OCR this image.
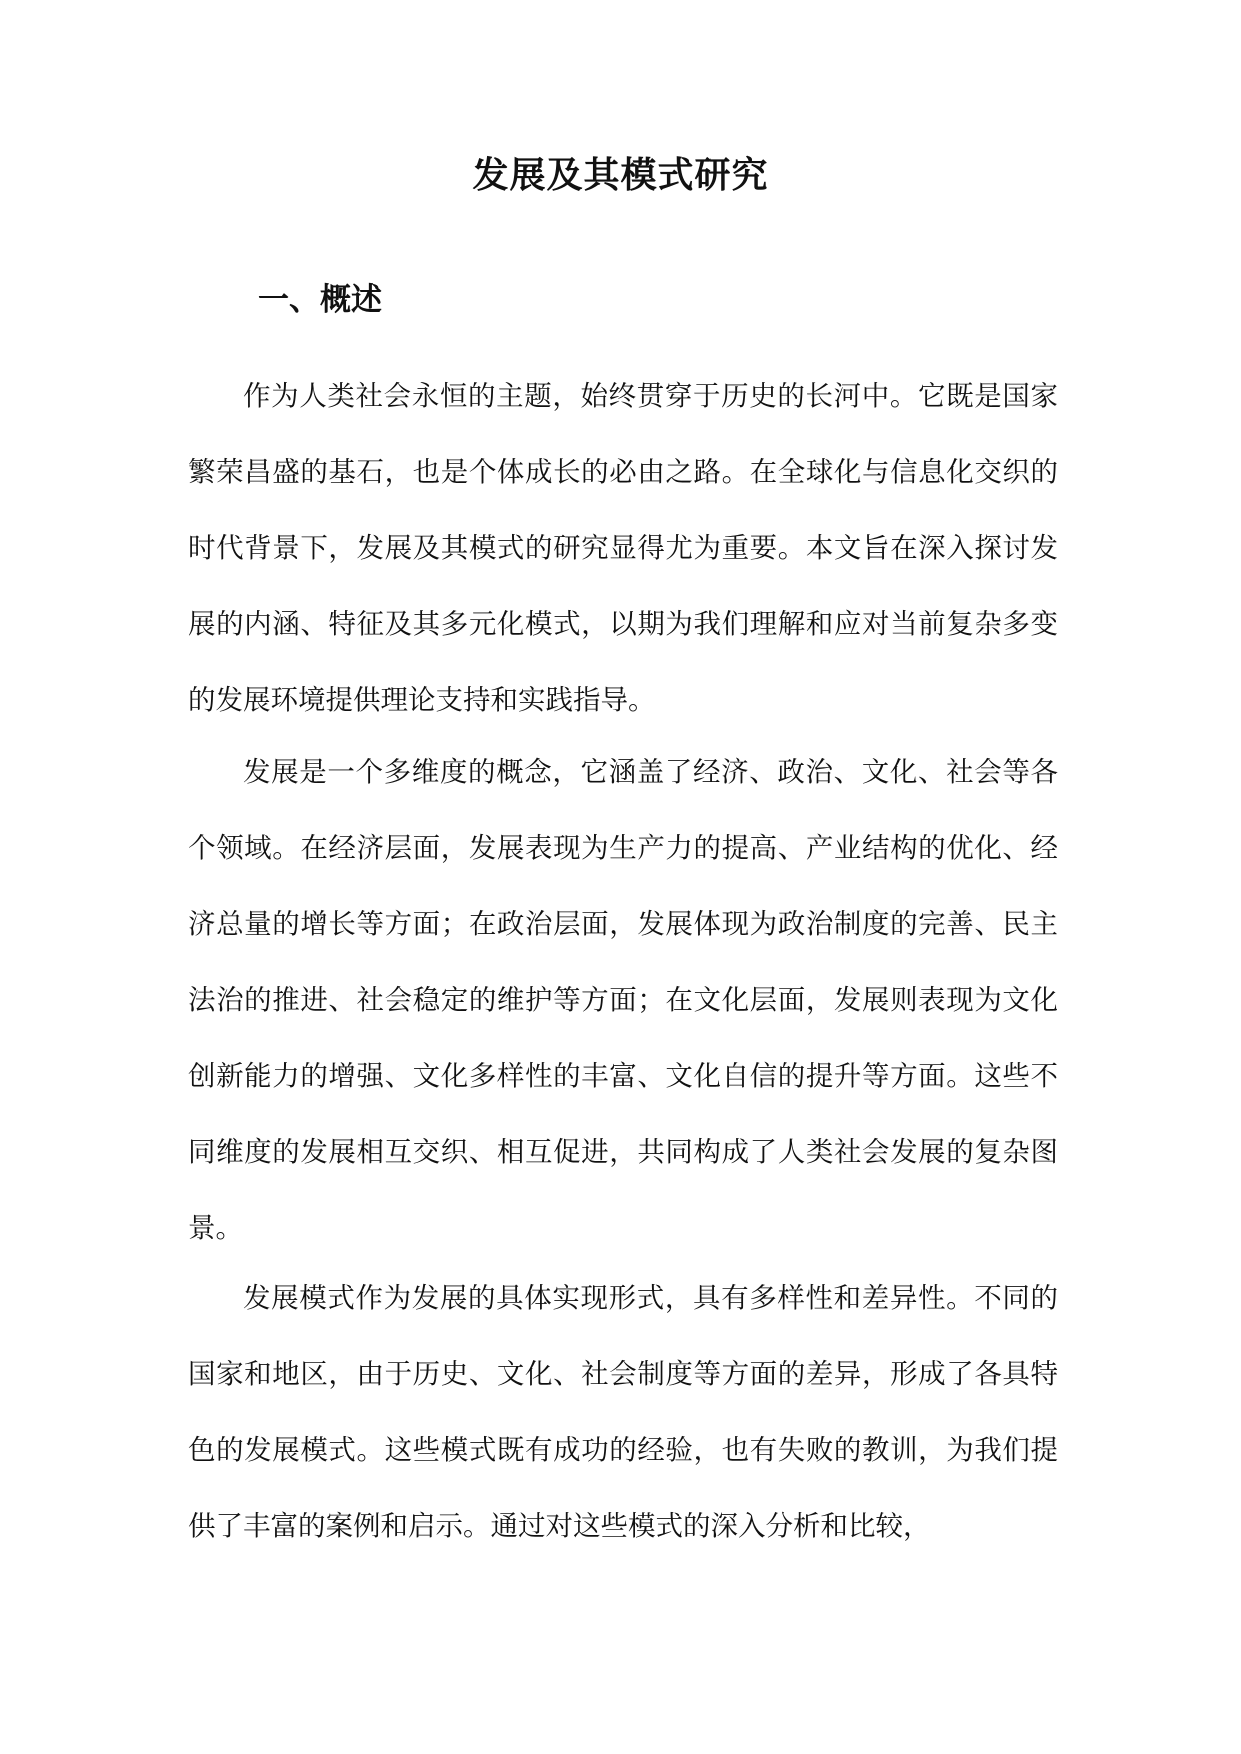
发展及其模式研究
一、概述

作为人类社会永恒的主题，始终贯穿于历史的长河中。它既是国家繁荣昌盛的基石，也是个体成长的必由之路。在全球化与信息化交织的时代背景下，发展及其模式的研究显得尤为重要。本文旨在深入探讨发展的内涵、特征及其多元化模式，以期为我们理解和应对当前复杂多变的发展环境提供理论支持和实践指导。

发展是一个多维度的概念，它涵盖了经济、政治、文化、社会等各个领域。在经济层面，发展表现为生产力的提高、产业结构的优化、经济总量的增长等方面；在政治层面，发展体现为政治制度的完善、民主法治的推进、社会稳定的维护等方面；在文化层面，发展则表现为文化创新能力的增强、文化多样性的丰富、文化自信的提升等方面。这些不同维度的发展相互交织、相互促进，共同构成了人类社会发展的复杂图景。

发展模式作为发展的具体实现形式，具有多样性和差异性。不同的国家和地区，由于历史、文化、社会制度等方面的差异，形成了各具特色的发展模式。这些模式既有成功的经验，也有失败的教训，为我们提供了丰富的案例和启示。通过对这些模式的深入分析和比较，
